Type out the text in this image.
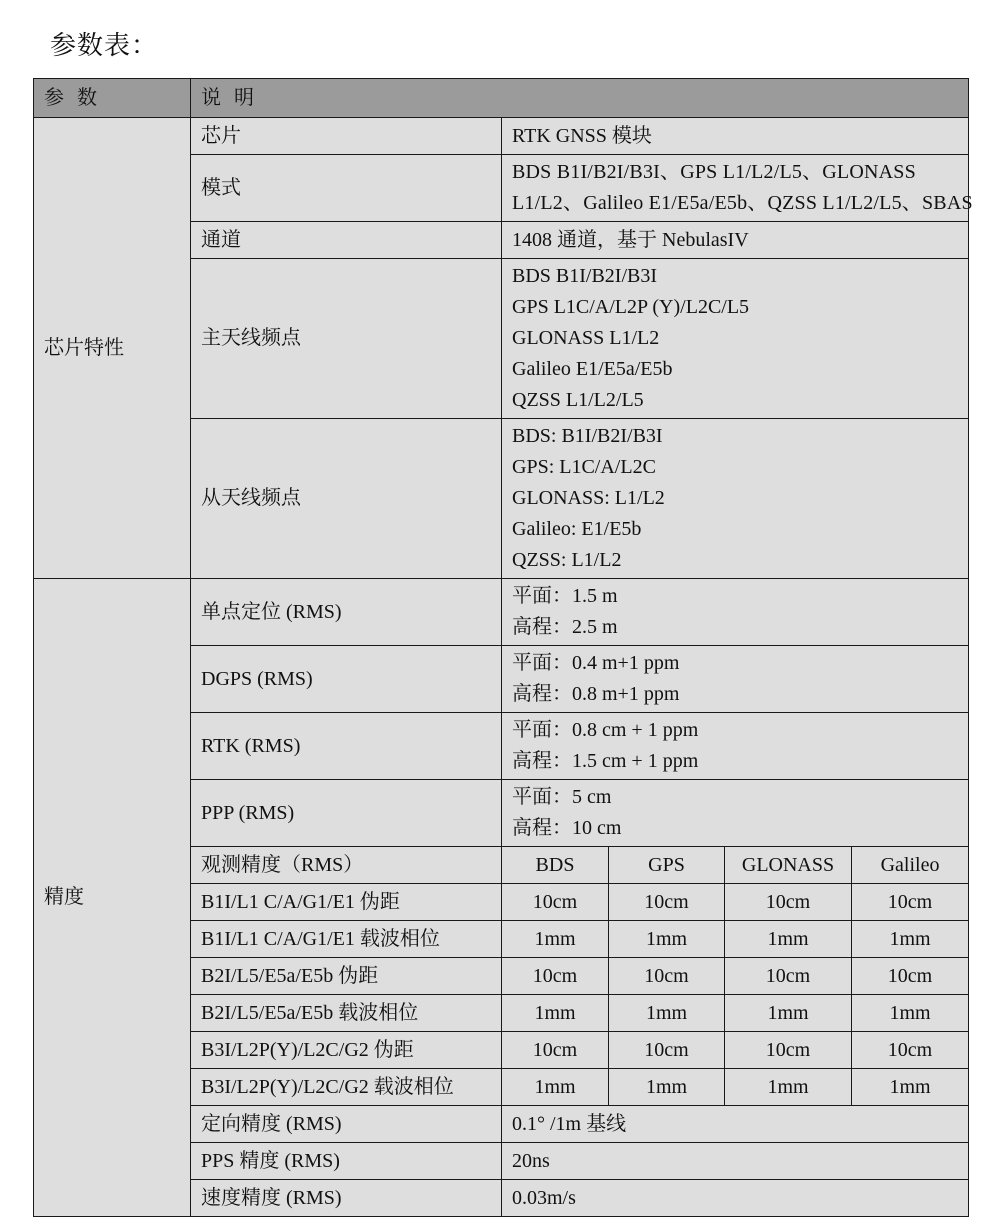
参数表：
参 数	说 明				
芯片特性	芯片	RTK GNSS 模块			
	模式	BDS B1I/B2I/B3I、GPS L1/L2/L5、GLONASS
L1/L2、Galileo E1/E5a/E5b、QZSS L1/L2/L5、SBAS			

	通道	1408 通道，基于 NebulasIV			
	主天线频点	BDS B1I/B2I/B3I
GPS L1C/A/L2P (Y)/L2C/L5
GLONASS L1/L2
Galileo E1/E5a/E5b
QZSS L1/L2/L5			

	从天线频点	BDS: B1I/B2I/B3I
GPS: L1C/A/L2C
GLONASS: L1/L2
Galileo: E1/E5b
QZSS: L1/L2			

精度	单点定位 (RMS)	平面：1.5 m
高程：2.5 m			

	DGPS (RMS)	平面：0.4 m+1 ppm
高程：0.8 m+1 ppm			

	RTK (RMS)	平面：0.8 cm + 1 ppm
高程：1.5 cm + 1 ppm			

	PPP (RMS)	平面：5 cm
高程：10 cm			

	观测精度（RMS）	BDS	GPS	GLONASS	Galileo
	B1I/L1 C/A/G1/E1 伪距	10cm	10cm	10cm	10cm
	B1I/L1 C/A/G1/E1 载波相位	1mm	1mm	1mm	1mm
	B2I/L5/E5a/E5b 伪距	10cm	10cm	10cm	10cm
	B2I/L5/E5a/E5b 载波相位	1mm	1mm	1mm	1mm
	B3I/L2P(Y)/L2C/G2 伪距	10cm	10cm	10cm	10cm
	B3I/L2P(Y)/L2C/G2 载波相位	1mm	1mm	1mm	1mm
	定向精度 (RMS)	0.1° /1m 基线			
	PPS 精度 (RMS)	20ns			
	速度精度 (RMS)	0.03m/s			
